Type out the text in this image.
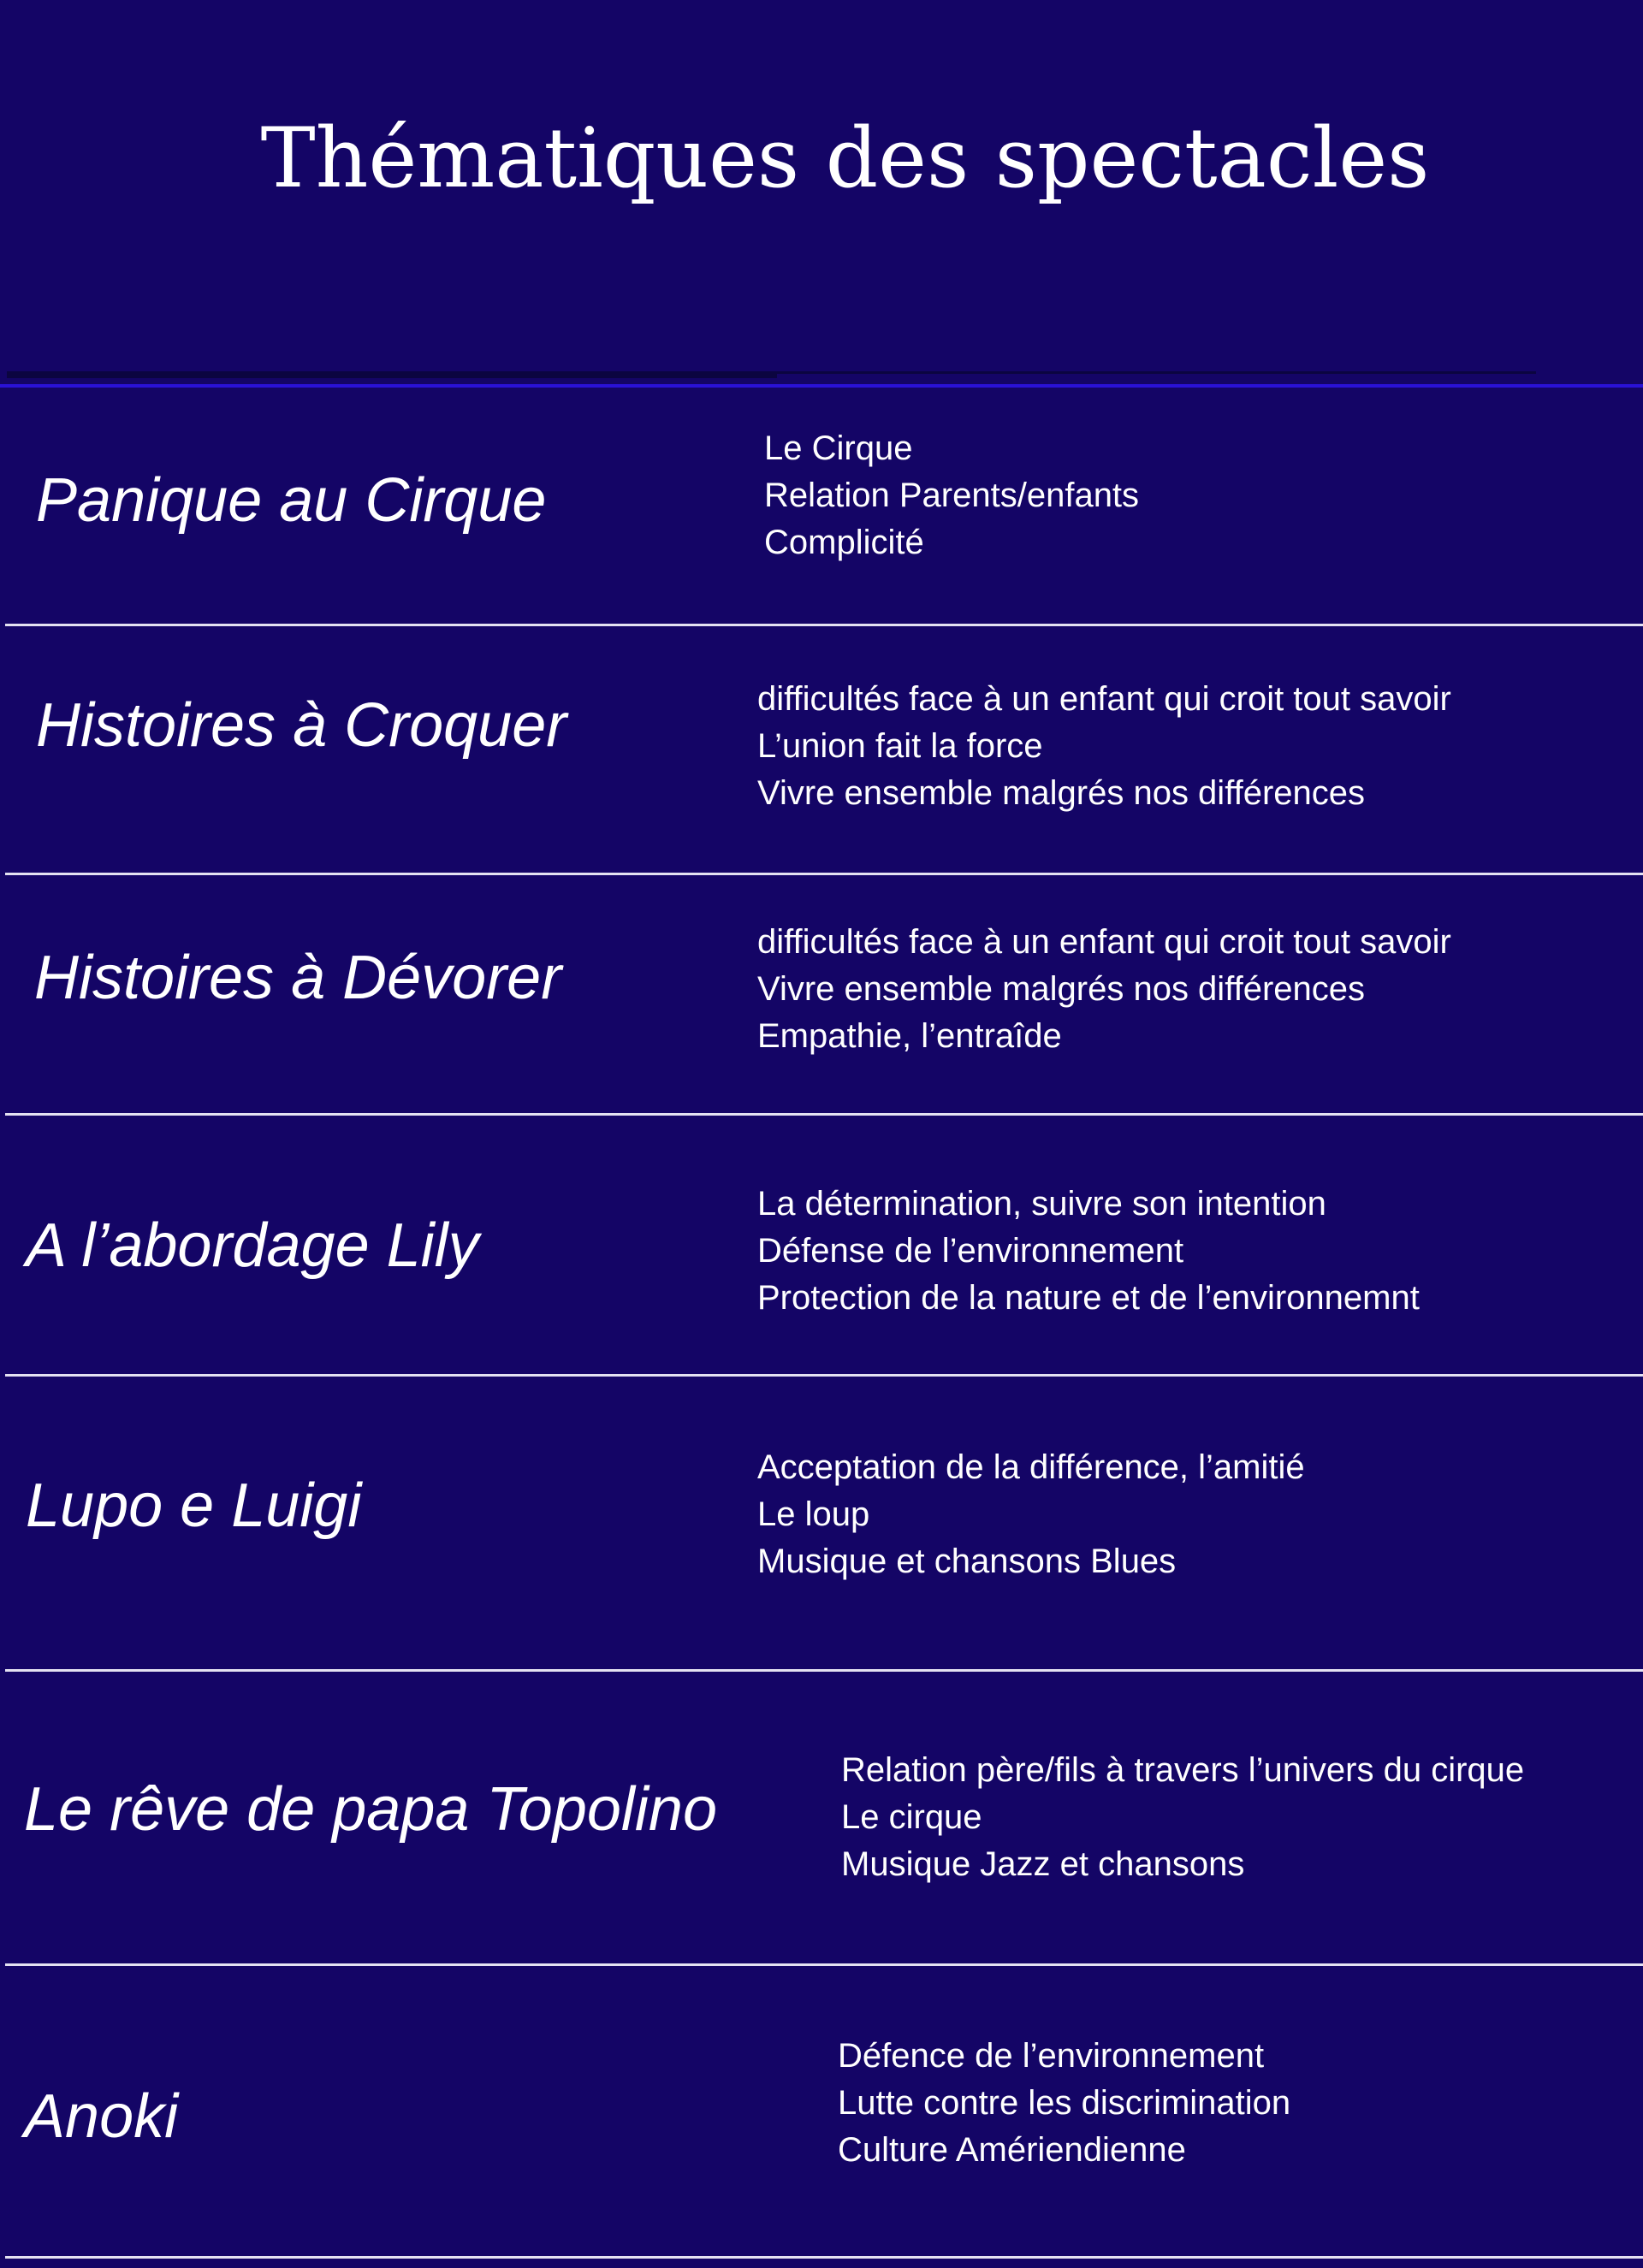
Thématiques des spectacles
Panique au Cirque
Le Cirque
Relation Parents/enfants
Complicité
Histoires à Croquer	difficultés face à un enfant qui croit tout savoir
L’union fait la force
Vivre ensemble malgrés nos différences
Histoires à Dévorer
difficultés face à un enfant qui croit tout savoir
Vivre ensemble malgrés nos différences
Empathie, l’entraîde
A l’abordage Lily
La détermination, suivre son intention
Défense de l’environnement
Protection de la nature et de l’environnemnt
Lupo e Luigi
Acceptation de la différence, l’amitié
Le loup
Musique et chansons Blues
Le rêve de papa Topolino
Relation père/fils à travers l’univers du cirque
Le cirque
Musique Jazz et chansons
Anoki
Défence de l’environnement
Lutte contre les discrimination
Culture Amériendienne
